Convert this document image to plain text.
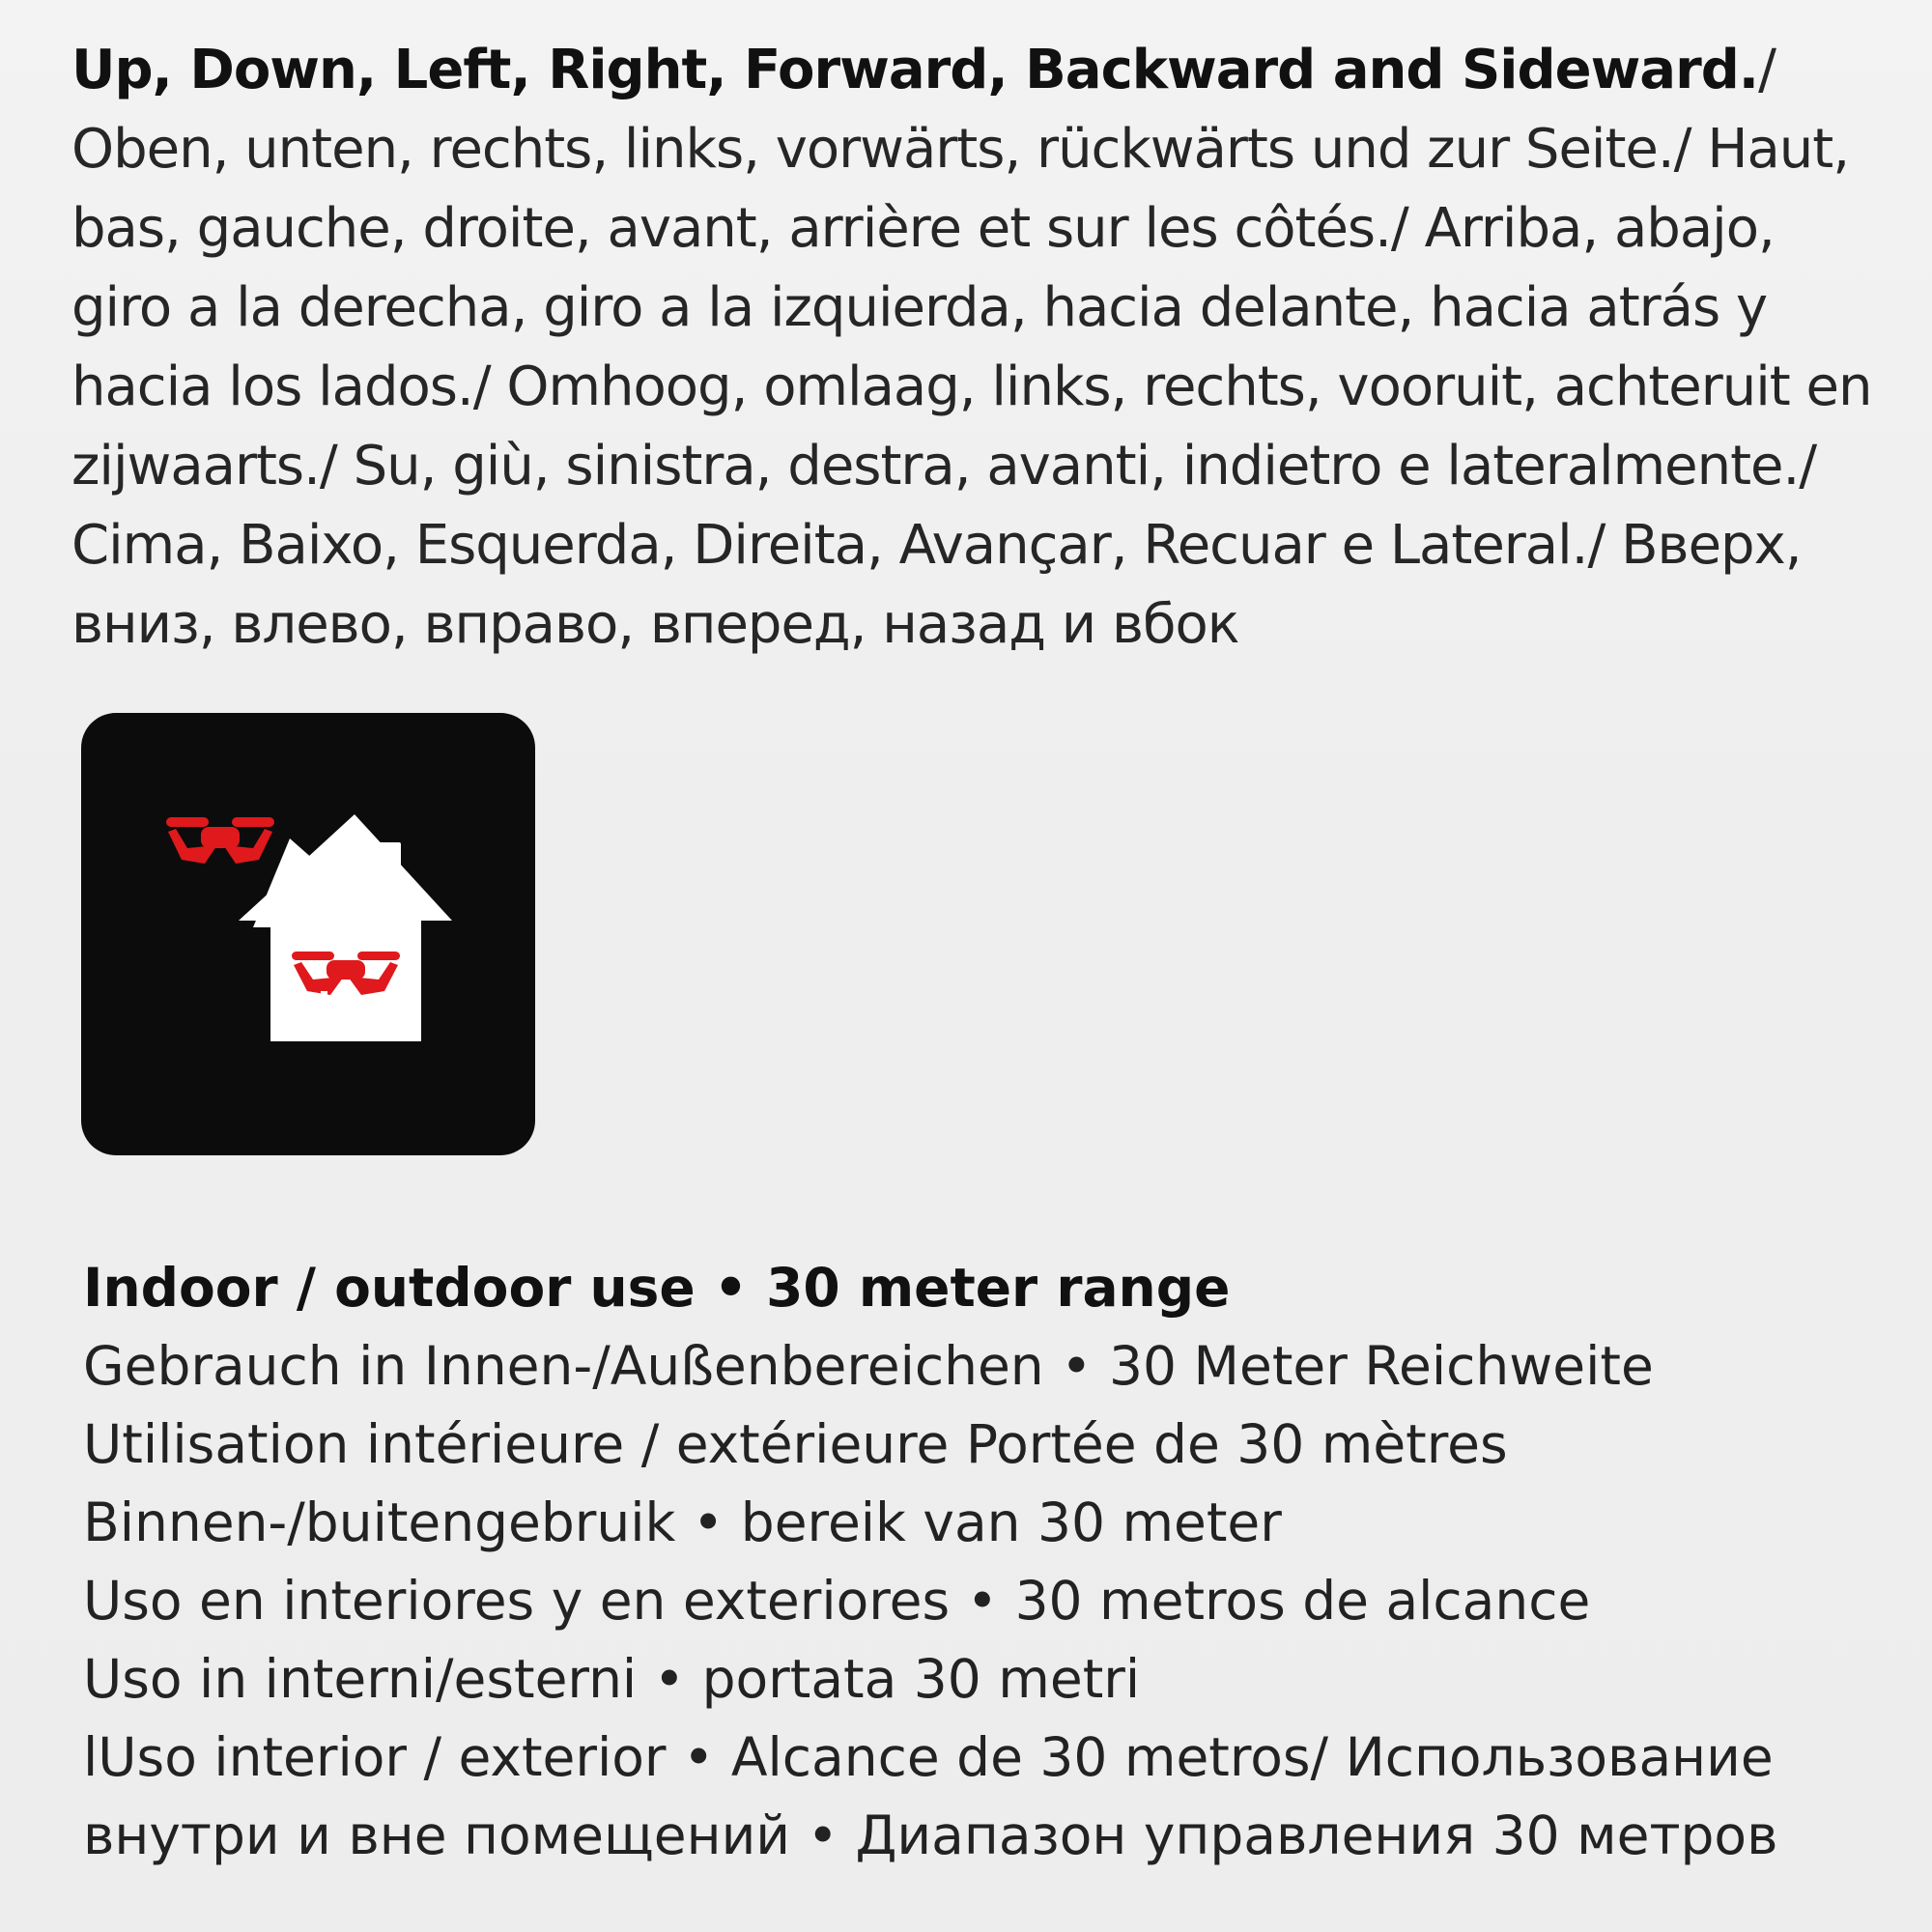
Up, Down, Left, Right, Forward, Backward and Sideward./ Oben, unten, rechts, links, vorwärts, rückwärts und zur Seite./ Haut, bas, gauche, droite, avant, arrière et sur les côtés./ Arriba, abajo, giro a la derecha, giro a la izquierda, hacia delante, hacia atrás y hacia los lados./ Omhoog, omlaag, links, rechts, vooruit, achteruit en zijwaarts./ Su, giù, sinistra, destra, avanti, indietro e lateralmente./ Cima, Baixo, Esquerda, Direita, Avançar, Recuar e Lateral./ Вверх, вниз, влево, вправо, вперед, назад и вбок
Indoor / outdoor use • 30 meter range
Gebrauch in Innen-/Außenbereichen • 30 Meter Reichweite
Utilisation intérieure / extérieure Portée de 30 mètres
Binnen-/buitengebruik • bereik van 30 meter
Uso en interiores y en exteriores • 30 metros de alcance
Uso in interni/esterni • portata 30 metri
lUso interior / exterior • Alcance de 30 metros/ Использование
внутри и вне помещений • Диапазон управления 30 метров
